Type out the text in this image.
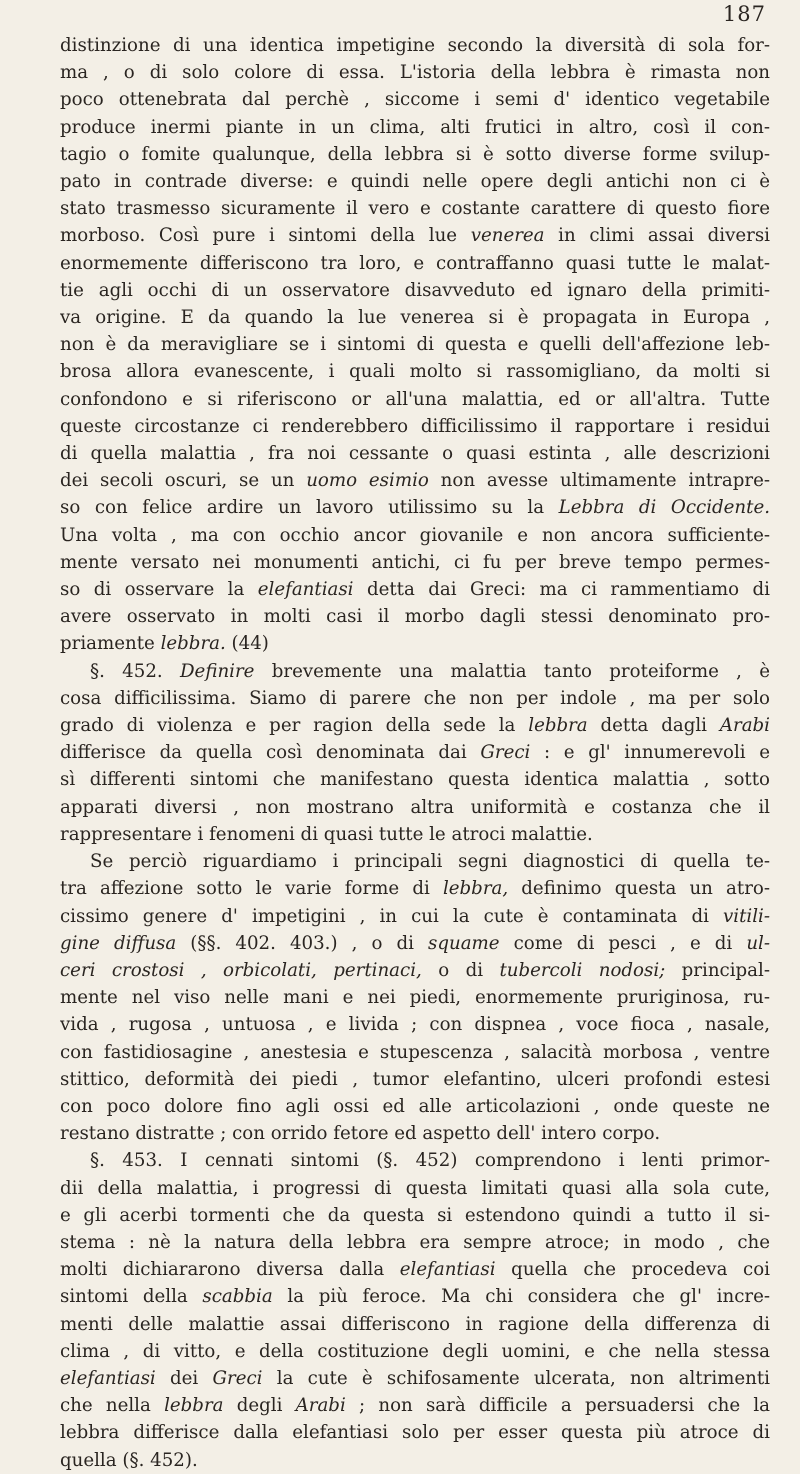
187
distinzione di una identica impetigine secondo la diversità di sola for-
ma , o di solo colore di essa. L'istoria della lebbra è rimasta non
poco ottenebrata dal perchè , siccome i semi d' identico vegetabile
produce inermi piante in un clima, alti frutici in altro, così il con-
tagio o fomite qualunque, della lebbra si è sotto diverse forme svilup-
pato in contrade diverse: e quindi nelle opere degli antichi non ci è
stato trasmesso sicuramente il vero e costante carattere di questo fiore
morboso. Così pure i sintomi della lue venerea in climi assai diversi
enormemente differiscono tra loro, e contraffanno quasi tutte le malat-
tie agli occhi di un osservatore disavveduto ed ignaro della primiti-
va origine. E da quando la lue venerea si è propagata in Europa ,
non è da meravigliare se i sintomi di questa e quelli dell'affezione leb-
brosa allora evanescente, i quali molto si rassomigliano, da molti si
confondono e si riferiscono or all'una malattia, ed or all'altra. Tutte
queste circostanze ci renderebbero difficilissimo il rapportare i residui
di quella malattia , fra noi cessante o quasi estinta , alle descrizioni
dei secoli oscuri, se un uomo esimio non avesse ultimamente intrapre-
so con felice ardire un lavoro utilissimo su la Lebbra di Occidente.
Una volta , ma con occhio ancor giovanile e non ancora sufficiente-
mente versato nei monumenti antichi, ci fu per breve tempo permes-
so di osservare la elefantiasi detta dai Greci: ma ci rammentiamo di
avere osservato in molti casi il morbo dagli stessi denominato pro-
priamente lebbra. (44)
§. 452. Definire brevemente una malattia tanto proteiforme , è
cosa difficilissima. Siamo di parere che non per indole , ma per solo
grado di violenza e per ragion della sede la lebbra detta dagli Arabi
differisce da quella così denominata dai Greci : e gl' innumerevoli e
sì differenti sintomi che manifestano questa identica malattia , sotto
apparati diversi , non mostrano altra uniformità e costanza che il
rappresentare i fenomeni di quasi tutte le atroci malattie.
Se perciò riguardiamo i principali segni diagnostici di quella te-
tra affezione sotto le varie forme di lebbra, definimo questa un atro-
cissimo genere d' impetigini , in cui la cute è contaminata di vitili-
gine diffusa (§§. 402. 403.) , o di squame come di pesci , e di ul-
ceri crostosi , orbicolati, pertinaci, o di tubercoli nodosi; principal-
mente nel viso nelle mani e nei piedi, enormemente pruriginosa, ru-
vida , rugosa , untuosa , e livida ; con dispnea , voce fioca , nasale,
con fastidiosagine , anestesia e stupescenza , salacità morbosa , ventre
stittico, deformità dei piedi , tumor elefantino, ulceri profondi estesi
con poco dolore fino agli ossi ed alle articolazioni , onde queste ne
restano distratte ; con orrido fetore ed aspetto dell' intero corpo.
§. 453. I cennati sintomi (§. 452) comprendono i lenti primor-
dii della malattia, i progressi di questa limitati quasi alla sola cute,
e gli acerbi tormenti che da questa si estendono quindi a tutto il si-
stema : nè la natura della lebbra era sempre atroce; in modo , che
molti dichiararono diversa dalla elefantiasi quella che procedeva coi
sintomi della scabbia la più feroce. Ma chi considera che gl' incre-
menti delle malattie assai differiscono in ragione della differenza di
clima , di vitto, e della costituzione degli uomini, e che nella stessa
elefantiasi dei Greci la cute è schifosamente ulcerata, non altrimenti
che nella lebbra degli Arabi ; non sarà difficile a persuadersi che la
lebbra differisce dalla elefantiasi solo per esser questa più atroce di
quella (§. 452).
